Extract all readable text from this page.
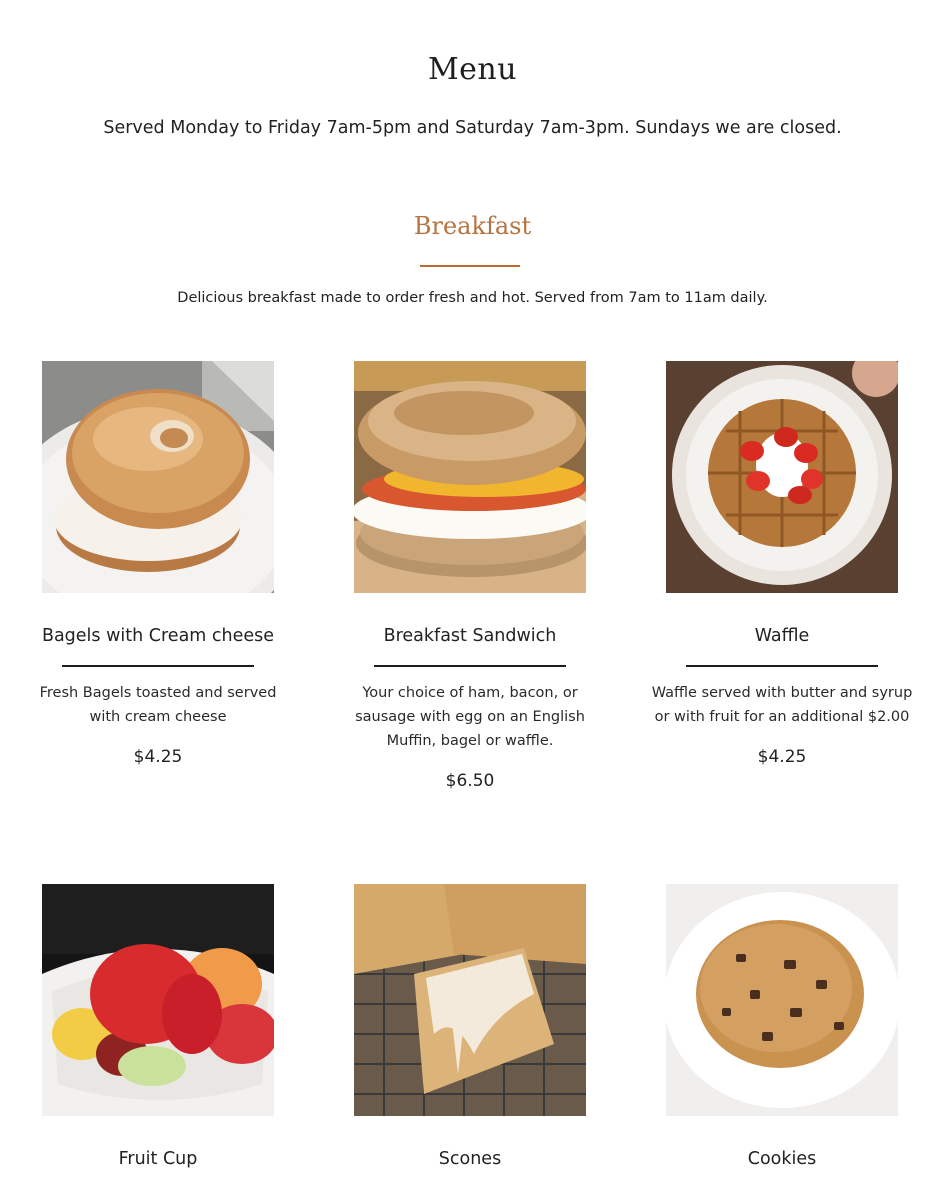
Menu
Served Monday to Friday 7am-5pm and Saturday 7am-3pm. Sundays we are closed.
Breakfast
Delicious breakfast made to order fresh and hot. Served from 7am to 11am daily.
Bagels with Cream cheese
Fresh Bagels toasted and served with cream cheese
$4.25
Breakfast Sandwich
Your choice of ham, bacon, or sausage with egg on an English Muffin, bagel or waffle.
$6.50
Waffle
Waffle served with butter and syrup or with fruit for an additional $2.00
$4.25
Fruit Cup	Scones	Cookies
